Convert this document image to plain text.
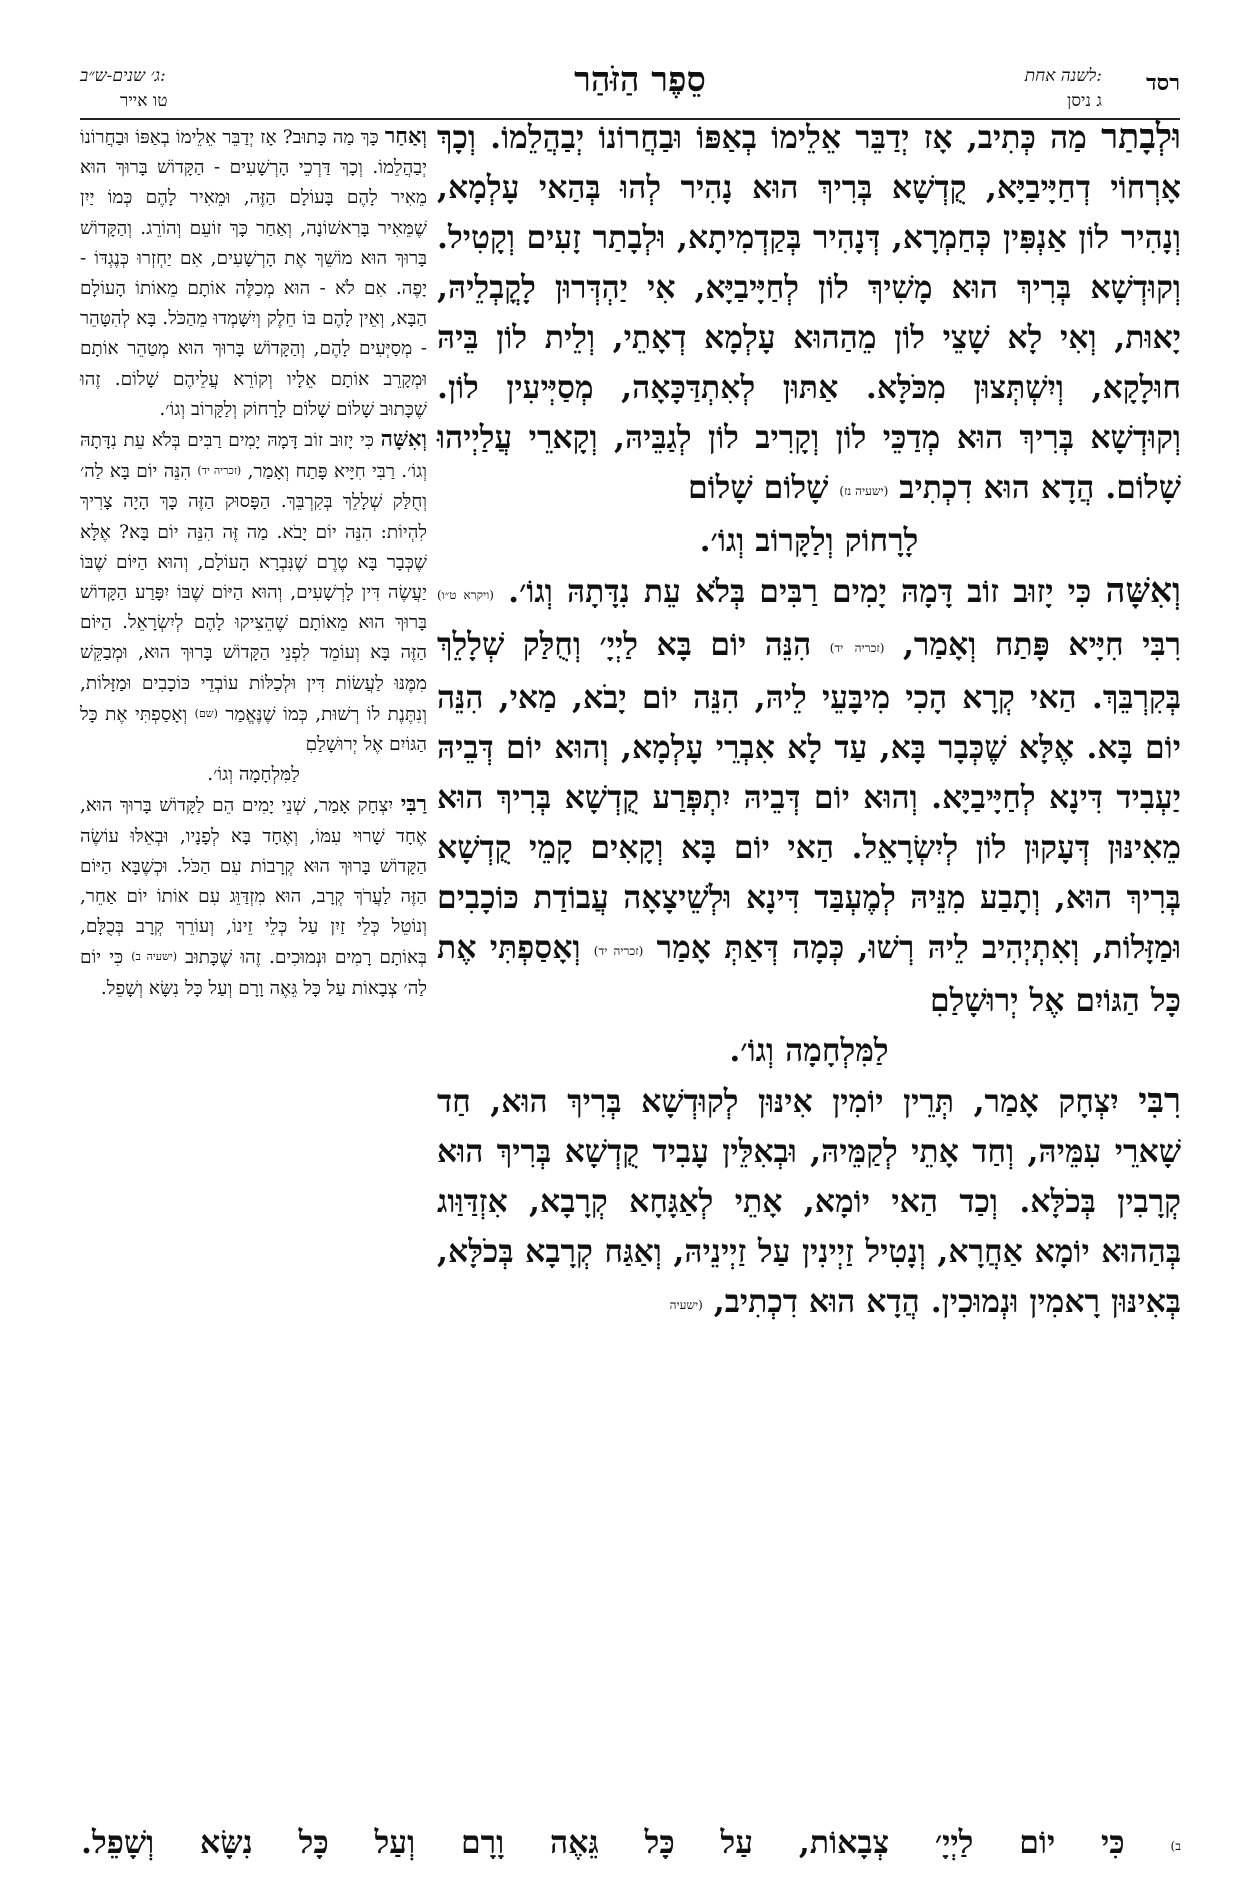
רסד
לשנה אחת:
ג ניסן
סֵפֶר הַזֹּהַר
ג׳ שנים-ש״ב:
טו אייר

וּלְבָתַר מַה כְּתִיב, אָז יְדַבֵּר אֵלֵימוֹ בְאַפּוֹ וּבַחֲרוֹנוֹ יְבַהֲלֵמוֹ. וְכָךְ אָרְחוֹי דְחַיָּיבַיָּא, קֻדְשָׁא בְּרִיךְ הוּא נָהִיר לְהוּ בְּהַאי עָלְמָא, וְנָהִיר לוֹן אַנְפִּין כְּחַמְרָא, דְּנָהִיר בְּקַדְמִיתָא, וּלְבָתַר זָעִים וְקָטִיל. וְקוּדְשָׁא בְּרִיךְ הוּא מָשִׁיךְ לוֹן לְחַיָּיבַיָּא, אִי יַהְדְּרוּן לָקֳבְלֵיהּ, יָאוּת, וְאִי לָא שָׁצֵי לוֹן מֵהַהוּא עָלְמָא דְאָתֵי, וְלֵית לוֹן בֵּיהּ חוּלָקָא, וְיִשְׁתְּצוּן מִכֹּלָּא. אַתּוּן לְאִתְדַּכָּאָה, מְסַיְּיעִין לוֹן. וְקוּדְשָׁא בְּרִיךְ הוּא מְדַכֵּי לוֹן וְקָרִיב לוֹן לְגַבֵּיהּ, וְקָארֵי עֲלַיְיהוּ שָׁלוֹם. הֲדָא הוּא דִכְתִיב (ישעיה נז) שָׁלוֹם שָׁלוֹם

לָרָחוֹק וְלַקָּרוֹב וְגוֹ׳.

וְאִשָּׁה כִּי יָזוּב זוֹב דָּמָהּ יָמִים רַבִּים בְּלֹא עֵת נִדָּתָהּ וְגוֹ׳. (ויקרא ט״ו) רִבִּי חִיָּיא פָּתַח וְאָמַר, (זכריה יד) הִנֵּה יוֹם בָּא לַיְיָ׳ וְחֻלַּק שְׁלָלֵךְ בְּקִרְבֵּךְ. הַאי קְרָא הָכִי מִיבָּעֵי לֵיהּ, הִנֵּה יוֹם יָבֹא, מַאי, הִנֵּה יוֹם בָּא. אֶלָּא שֶׁכְּבָר בָּא, עַד לָא אִבְרֵי עָלְמָא, וְהוּא יוֹם דְּבֵיהּ יַעְבִיד דִּינָא לְחַיָּיבַיָּא. וְהוּא יוֹם דְּבֵיהּ יִתְפְּרַע קֻדְשָׁא בְּרִיךְ הוּא מֵאִינּוּן דְּעָקוּן לוֹן לְיִשְׂרָאֵל. הַאי יוֹם בָּא וְקָאִים קָמֵי קֻדְשָׁא בְּרִיךְ הוּא, וְתָבַע מִנֵּיהּ לְמֶעְבַּד דִּינָא וּלְשֵׁיצָאָה עֲבוֹדַת כּוֹכָבִים וּמַזָּלוֹת, וְאִתְיְהִיב לֵיהּ רְשׁוּ, כְּמָה דְּאַתְּ אָמַר (זכריה יד) וְאָסַפְתִּי אֶת כָּל הַגּוֹיִם אֶל יְרוּשָׁלַםִ

לַמִּלְחָמָה וְגוֹ׳.

רִבִּי יִצְחָק אָמַר, תְּרֵין יוֹמִין אִינּוּן לְקוּדְשָׁא בְּרִיךְ הוּא, חַד שָׁארֵי עִמֵּיהּ, וְחַד אָתֵי לְקַמֵּיהּ, וּבְאִלֵּין עָבִיד קֻדְשָׁא בְּרִיךְ הוּא קְרָבִין בְּכֹלָּא. וְכַד הַאי יוֹמָא, אָתֵי לְאַגָּחָא קְרָבָא, אִזְדַּוַּוג בְּהַהוּא יוֹמָא אַחֲרָא, וְנָטִיל זַיְינִין עַל זַיְינֵיהּ, וְאַגַּח קְרָבָא בְּכֹלָּא, בְּאִינּוּן רָאמִין וּנְמוּכִין. הֲדָא הוּא דִכְתִיב, (ישעיה

וְאַחַר כָּךְ מַה כָּתוּב? אָז יְדַבֵּר אֵלֵימוֹ בְאַפּוֹ וּבַחֲרוֹנוֹ יְבַהֲלֵמוֹ. וְכָךְ דַּרְכֵי הָרְשָׁעִים - הַקָּדוֹשׁ בָּרוּךְ הוּא מֵאִיר לָהֶם בָּעוֹלָם הַזֶּה, וּמֵאִיר לָהֶם כְּמוֹ יַיִן שֶׁמֵּאִיר בָּרִאשׁוֹנָה, וְאַחַר כָּךְ זוֹעֵם וְהוֹרֵג. וְהַקָּדוֹשׁ בָּרוּךְ הוּא מוֹשֵׁךְ אֶת הָרְשָׁעִים, אִם יַחְזְרוּ כְּנֶגְדּוֹ - יָפֶה. אִם לֹא - הוּא מְכַלֶּה אוֹתָם מֵאוֹתוֹ הָעוֹלָם הַבָּא, וְאֵין לָהֶם בּוֹ חֵלֶק וְיִשָּׁמְדוּ מֵהַכֹּל. בָּא לְהִטָּהֵר - מְסַיְּעִים לָהֶם, וְהַקָּדוֹשׁ בָּרוּךְ הוּא מְטַהֵר אוֹתָם וּמְקָרֵב אוֹתָם אֵלָיו וְקוֹרֵא עֲלֵיהֶם שָׁלוֹם. זֶהוּ שֶׁכָּתוּב שָׁלוֹם שָׁלוֹם לָרָחוֹק וְלַקָּרוֹב וְגוֹ׳.

וְאִשָּׁה כִּי יָזוּב זוֹב דָּמָהּ יָמִים רַבִּים בְּלֹא עֵת נִדָּתָהּ וְגוֹ׳. רַבִּי חִיָּיא פָּתַח וְאָמַר, (זכריה יד) הִנֵּה יוֹם בָּא לַה׳ וְחֻלַּק שְׁלָלֵךְ בְּקִרְבֵּךְ. הַפָּסוּק הַזֶּה כָּךְ הָיָה צָרִיךְ לִהְיוֹת: הִנֵּה יוֹם יָבֹא. מַה זֶּה הִנֵּה יוֹם בָּא? אֶלָּא שֶׁכְּבָר בָּא טֶרֶם שֶׁנִּבְרָא הָעוֹלָם, וְהוּא הַיּוֹם שֶׁבּוֹ יַעֲשֶׂה דִּין לָרְשָׁעִים, וְהוּא הַיּוֹם שֶׁבּוֹ יִפָּרַע הַקָּדוֹשׁ בָּרוּךְ הוּא מֵאוֹתָם שֶׁהֵצִיקוּ לָהֶם לְיִשְׂרָאֵל. הַיּוֹם הַזֶּה בָּא וְעוֹמֵד לִפְנֵי הַקָּדוֹשׁ בָּרוּךְ הוּא, וּמְבַקֵּשׁ מִמֶּנּוּ לַעֲשׂוֹת דִּין וּלְכַלּוֹת עוֹבְדֵי כּוֹכָבִים וּמַזָּלוֹת, וְנִתֶּנֶת לוֹ רְשׁוּת, כְּמוֹ שֶׁנֶּאֱמַר (שם) וְאָסַפְתִּי אֶת כָּל הַגּוֹיִם אֶל יְרוּשָׁלַםִ

לַמִּלְחָמָה וְגוֹ׳.

רַבִּי יִצְחָק אָמַר, שְׁנֵי יָמִים הֵם לַקָּדוֹשׁ בָּרוּךְ הוּא, אֶחָד שָׁרוּי עִמּוֹ, וְאֶחָד בָּא לְפָנָיו, וּבְאֵלּוּ עוֹשֶׂה הַקָּדוֹשׁ בָּרוּךְ הוּא קְרָבוֹת עִם הַכֹּל. וּכְשֶׁבָּא הַיּוֹם הַזֶּה לַעֲרֹךְ קְרָב, הוּא מִזְדַּוֵּג עִם אוֹתוֹ יוֹם אַחֵר, וְנוֹטֵל כְּלֵי זַיִן עַל כְּלֵי זֵינוֹ, וְעוֹרֵךְ קְרָב בְּכֻלָּם, בְּאוֹתָם רָמִים וּנְמוּכִים. זֶהוּ שֶׁכָּתוּב (ישעיה ב) כִּי יוֹם לַה׳ צְבָאוֹת עַל כָּל גֵּאֶה וָרָם וְעַל כָּל נִשָּׂא וְשָׁפֵל.

ב) כִּי יוֹם לַיְיָ׳ צְבָאוֹת, עַל כָּל גֵּאֶה וָרָם וְעַל כָּל נִשָּׂא וְשָׁפֵל.
